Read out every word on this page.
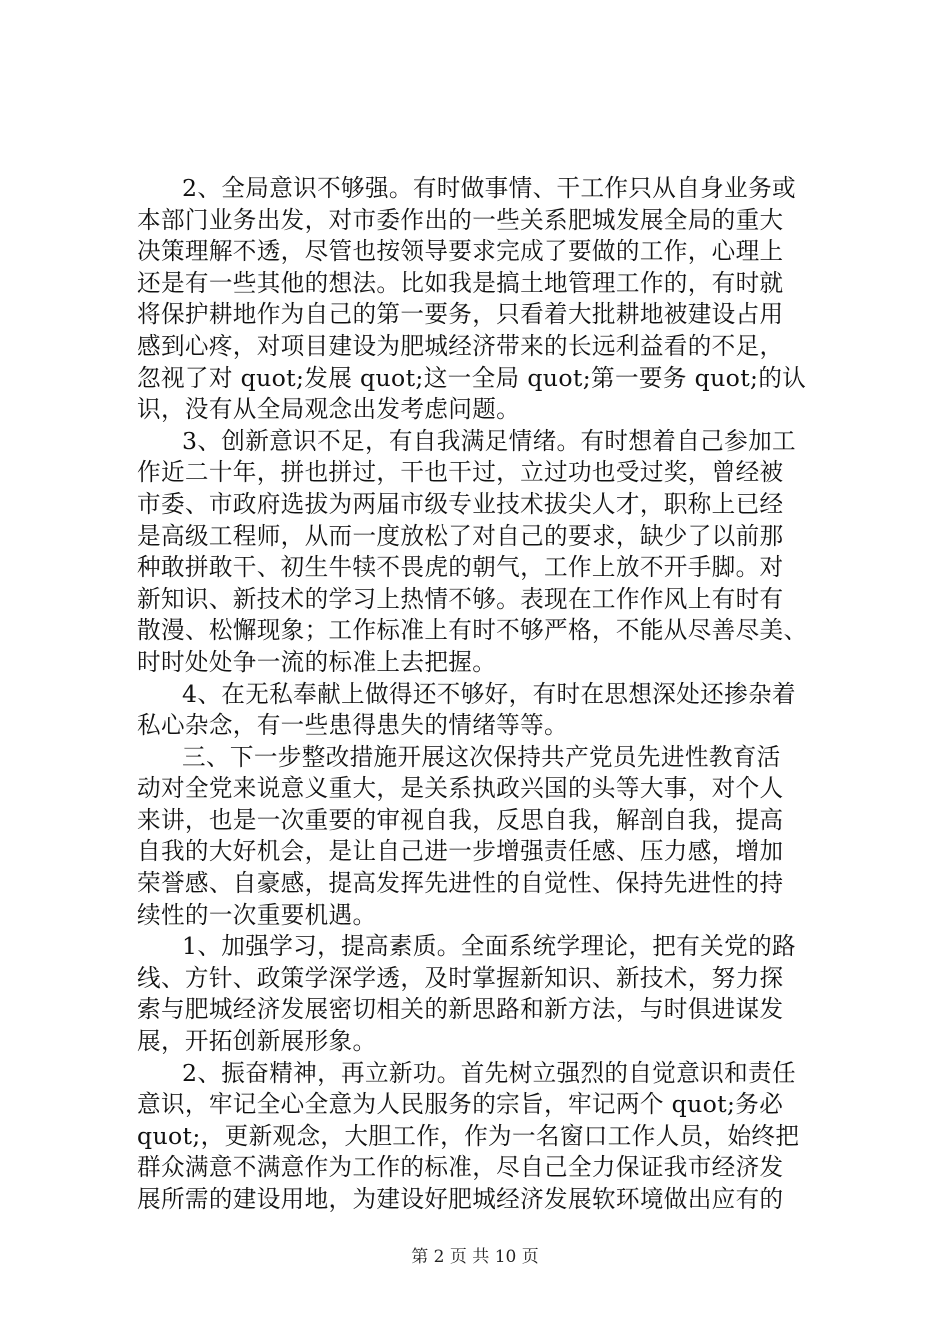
2、全局意识不够强。有时做事情、干工作只从自身业务或
本部门业务出发，对市委作出的一些关系肥城发展全局的重大
决策理解不透，尽管也按领导要求完成了要做的工作，心理上
还是有一些其他的想法。比如我是搞土地管理工作的，有时就
将保护耕地作为自己的第一要务，只看着大批耕地被建设占用
感到心疼，对项目建设为肥城经济带来的长远利益看的不足，
忽视了对 quot;发展 quot;这一全局 quot;第一要务 quot;的认
识，没有从全局观念出发考虑问题。

3、创新意识不足，有自我满足情绪。有时想着自己参加工
作近二十年，拼也拼过，干也干过，立过功也受过奖，曾经被
市委、市政府选拔为两届市级专业技术拔尖人才，职称上已经
是高级工程师，从而一度放松了对自己的要求，缺少了以前那
种敢拼敢干、初生牛犊不畏虎的朝气，工作上放不开手脚。对
新知识、新技术的学习上热情不够。表现在工作作风上有时有
散漫、松懈现象；工作标准上有时不够严格，不能从尽善尽美、
时时处处争一流的标准上去把握。

4、在无私奉献上做得还不够好，有时在思想深处还掺杂着
私心杂念，有一些患得患失的情绪等等。

三、下一步整改措施开展这次保持共产党员先进性教育活
动对全党来说意义重大，是关系执政兴国的头等大事，对个人
来讲，也是一次重要的审视自我，反思自我，解剖自我，提高
自我的大好机会，是让自己进一步增强责任感、压力感，增加
荣誉感、自豪感，提高发挥先进性的自觉性、保持先进性的持
续性的一次重要机遇。

1、加强学习，提高素质。全面系统学理论，把有关党的路
线、方针、政策学深学透，及时掌握新知识、新技术，努力探
索与肥城经济发展密切相关的新思路和新方法，与时俱进谋发
展，开拓创新展形象。

2、振奋精神，再立新功。首先树立强烈的自觉意识和责任
意识，牢记全心全意为人民服务的宗旨，牢记两个 quot;务必
quot;，更新观念，大胆工作，作为一名窗口工作人员，始终把
群众满意不满意作为工作的标准，尽自己全力保证我市经济发
展所需的建设用地，为建设好肥城经济发展软环境做出应有的

第 2 页 共 10 页
